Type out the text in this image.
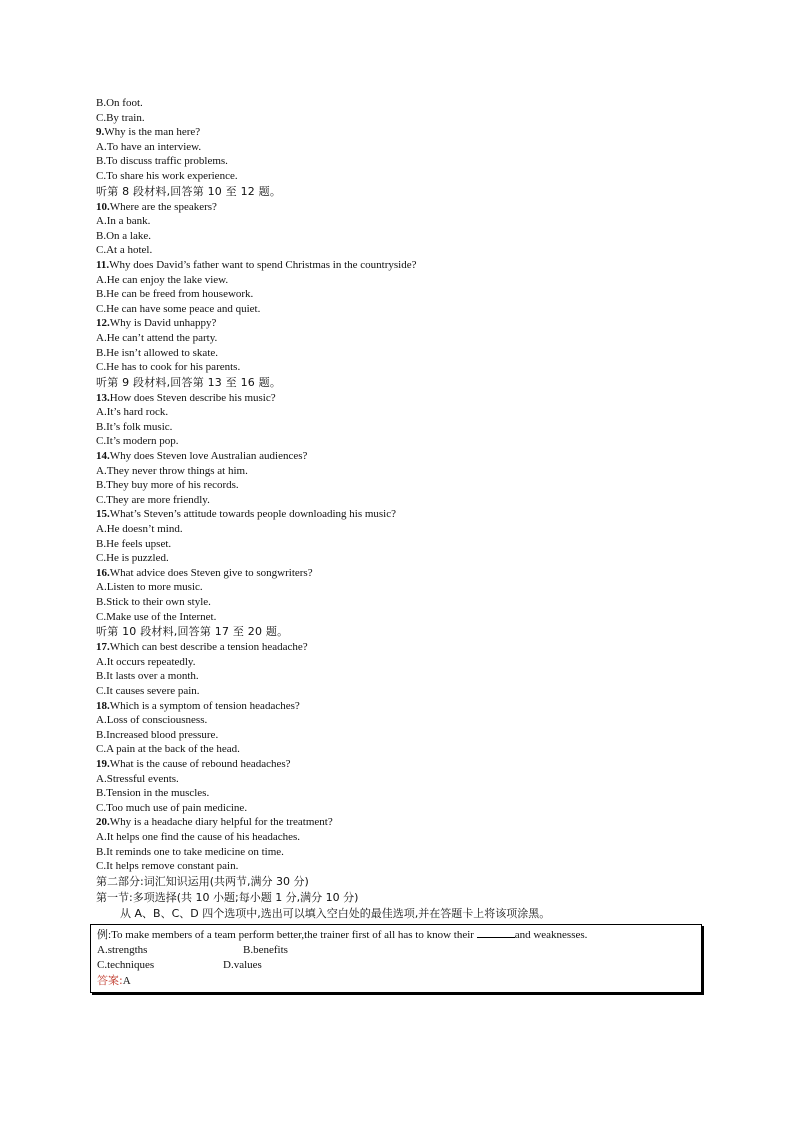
B.On foot.
C.By train.
9.Why is the man here?
A.To have an interview.
B.To discuss traffic problems.
C.To share his work experience.
听第 8 段材料,回答第 10 至 12 题。
10.Where are the speakers?
A.In a bank.
B.On a lake.
C.At a hotel.
11.Why does David’s father want to spend Christmas in the countryside?
A.He can enjoy the lake view.
B.He can be freed from housework.
C.He can have some peace and quiet.
12.Why is David unhappy?
A.He can’t attend the party.
B.He isn’t allowed to skate.
C.He has to cook for his parents.
听第 9 段材料,回答第 13 至 16 题。
13.How does Steven describe his music?
A.It’s hard rock.
B.It’s folk music.
C.It’s modern pop.
14.Why does Steven love Australian audiences?
A.They never throw things at him.
B.They buy more of his records.
C.They are more friendly.
15.What’s Steven’s attitude towards people downloading his music?
A.He doesn’t mind.
B.He feels upset.
C.He is puzzled.
16.What advice does Steven give to songwriters?
A.Listen to more music.
B.Stick to their own style.
C.Make use of the Internet.
听第 10 段材料,回答第 17 至 20 题。
17.Which can best describe a tension headache?
A.It occurs repeatedly.
B.It lasts over a month.
C.It causes severe pain.
18.Which is a symptom of tension headaches?
A.Loss of consciousness.
B.Increased blood pressure.
C.A pain at the back of the head.
19.What is the cause of rebound headaches?
A.Stressful events.
B.Tension in the muscles.
C.Too much use of pain medicine.
20.Why is a headache diary helpful for the treatment?
A.It helps one find the cause of his headaches.
B.It reminds one to take medicine on time.
C.It helps remove constant pain.
第二部分:词汇知识运用(共两节,满分 30 分)
第一节:多项选择(共 10 小题;每小题 1 分,满分 10 分)
从 A、B、C、D 四个选项中,选出可以填入空白处的最佳选项,并在答题卡上将该项涂黑。
例:To make members of a team perform better,the trainer first of all has to know their	and weaknesses.
A.strengths	B.benefits
C.techniques	D.values
答案:A
